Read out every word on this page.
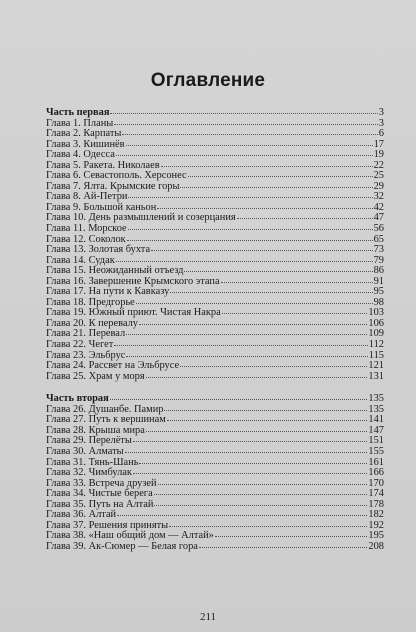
Оглавление
Часть первая	3
Глава 1. Планы	3
Глава 2. Карпаты	6
Глава 3. Кишинёв	17
Глава 4. Одесса	19
Глава 5. Ракета. Николаев	22
Глава 6. Севастополь. Херсонес	25
Глава 7. Ялта. Крымские горы	29
Глава 8. Ай-Петри	32
Глава 9. Большой каньон	42
Глава 10. День размышлений и созерцания	47
Глава 11. Морское	56
Глава 12. Соколок	65
Глава 13. Золотая бухта	73
Глава 14. Судак	79
Глава 15. Неожиданный отъезд	86
Глава 16. Завершение Крымского этапа	91
Глава 17. На пути к Кавказу	95
Глава 18. Предгорье	98
Глава 19. Южный приют. Чистая Накра	103
Глава 20. К перевалу	106
Глава 21. Перевал	109
Глава 22. Чегет	112
Глава 23. Эльбрус	115
Глава 24. Рассвет на Эльбрусе	121
Глава 25. Храм у моря	131
Часть вторая	135
Глава 26. Душанбе. Памир	135
Глава 27. Путь к вершинам	141
Глава 28. Крыша мира	147
Глава 29. Перелёты	151
Глава 30. Алматы	155
Глава 31. Тянь-Шань	161
Глава 32. Чимбулак	166
Глава 33. Встреча друзей	170
Глава 34. Чистые берега	174
Глава 35. Путь на Алтай	178
Глава 36. Алтай	182
Глава 37. Решения приняты	192
Глава 38. «Наш общий дом — Алтай»	195
Глава 39. Ак-Сюмер — Белая гора	208
211
